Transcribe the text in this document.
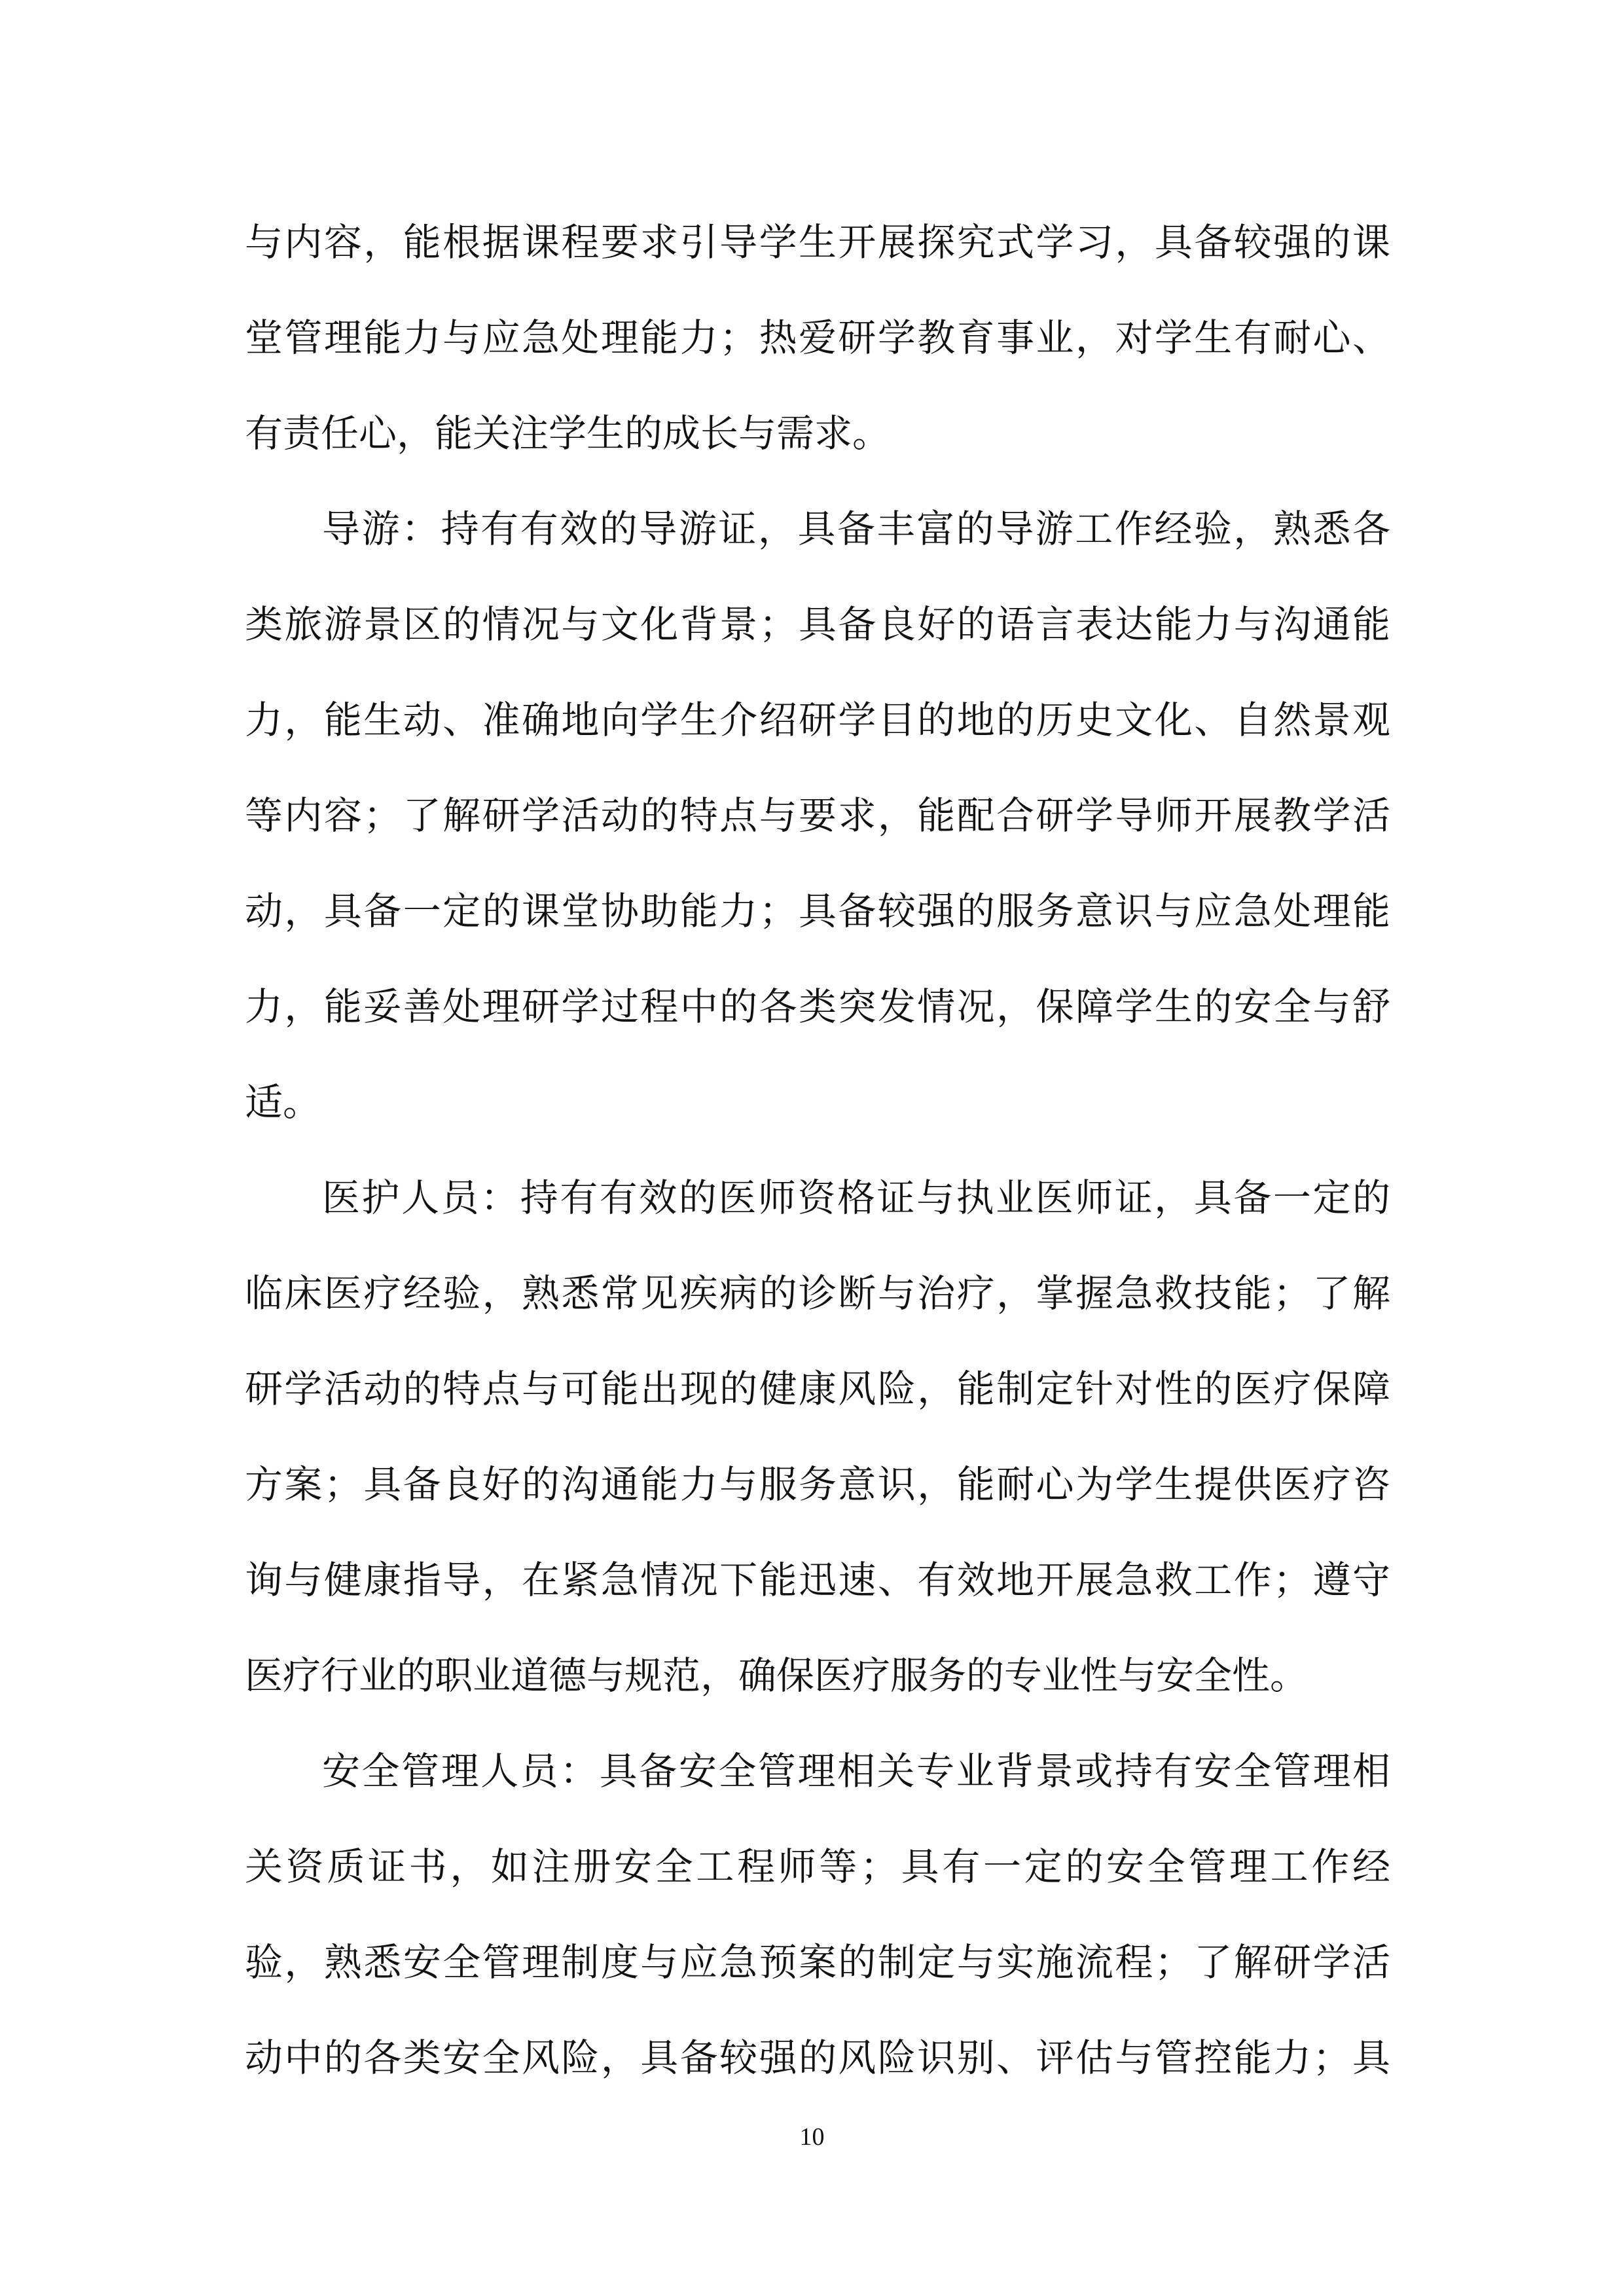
与内容，能根据课程要求引导学生开展探究式学习，具备较强的课
堂管理能力与应急处理能力；热爱研学教育事业，对学生有耐心、
有责任心，能关注学生的成长与需求。
导游：持有有效的导游证，具备丰富的导游工作经验，熟悉各
类旅游景区的情况与文化背景；具备良好的语言表达能力与沟通能
力，能生动、准确地向学生介绍研学目的地的历史文化、自然景观
等内容；了解研学活动的特点与要求，能配合研学导师开展教学活
动，具备一定的课堂协助能力；具备较强的服务意识与应急处理能
力，能妥善处理研学过程中的各类突发情况，保障学生的安全与舒
适。
医护人员：持有有效的医师资格证与执业医师证，具备一定的
临床医疗经验，熟悉常见疾病的诊断与治疗，掌握急救技能；了解
研学活动的特点与可能出现的健康风险，能制定针对性的医疗保障
方案；具备良好的沟通能力与服务意识，能耐心为学生提供医疗咨
询与健康指导，在紧急情况下能迅速、有效地开展急救工作；遵守
医疗行业的职业道德与规范，确保医疗服务的专业性与安全性。
安全管理人员：具备安全管理相关专业背景或持有安全管理相
关资质证书，如注册安全工程师等；具有一定的安全管理工作经
验，熟悉安全管理制度与应急预案的制定与实施流程；了解研学活
动中的各类安全风险，具备较强的风险识别、评估与管控能力；具
10
